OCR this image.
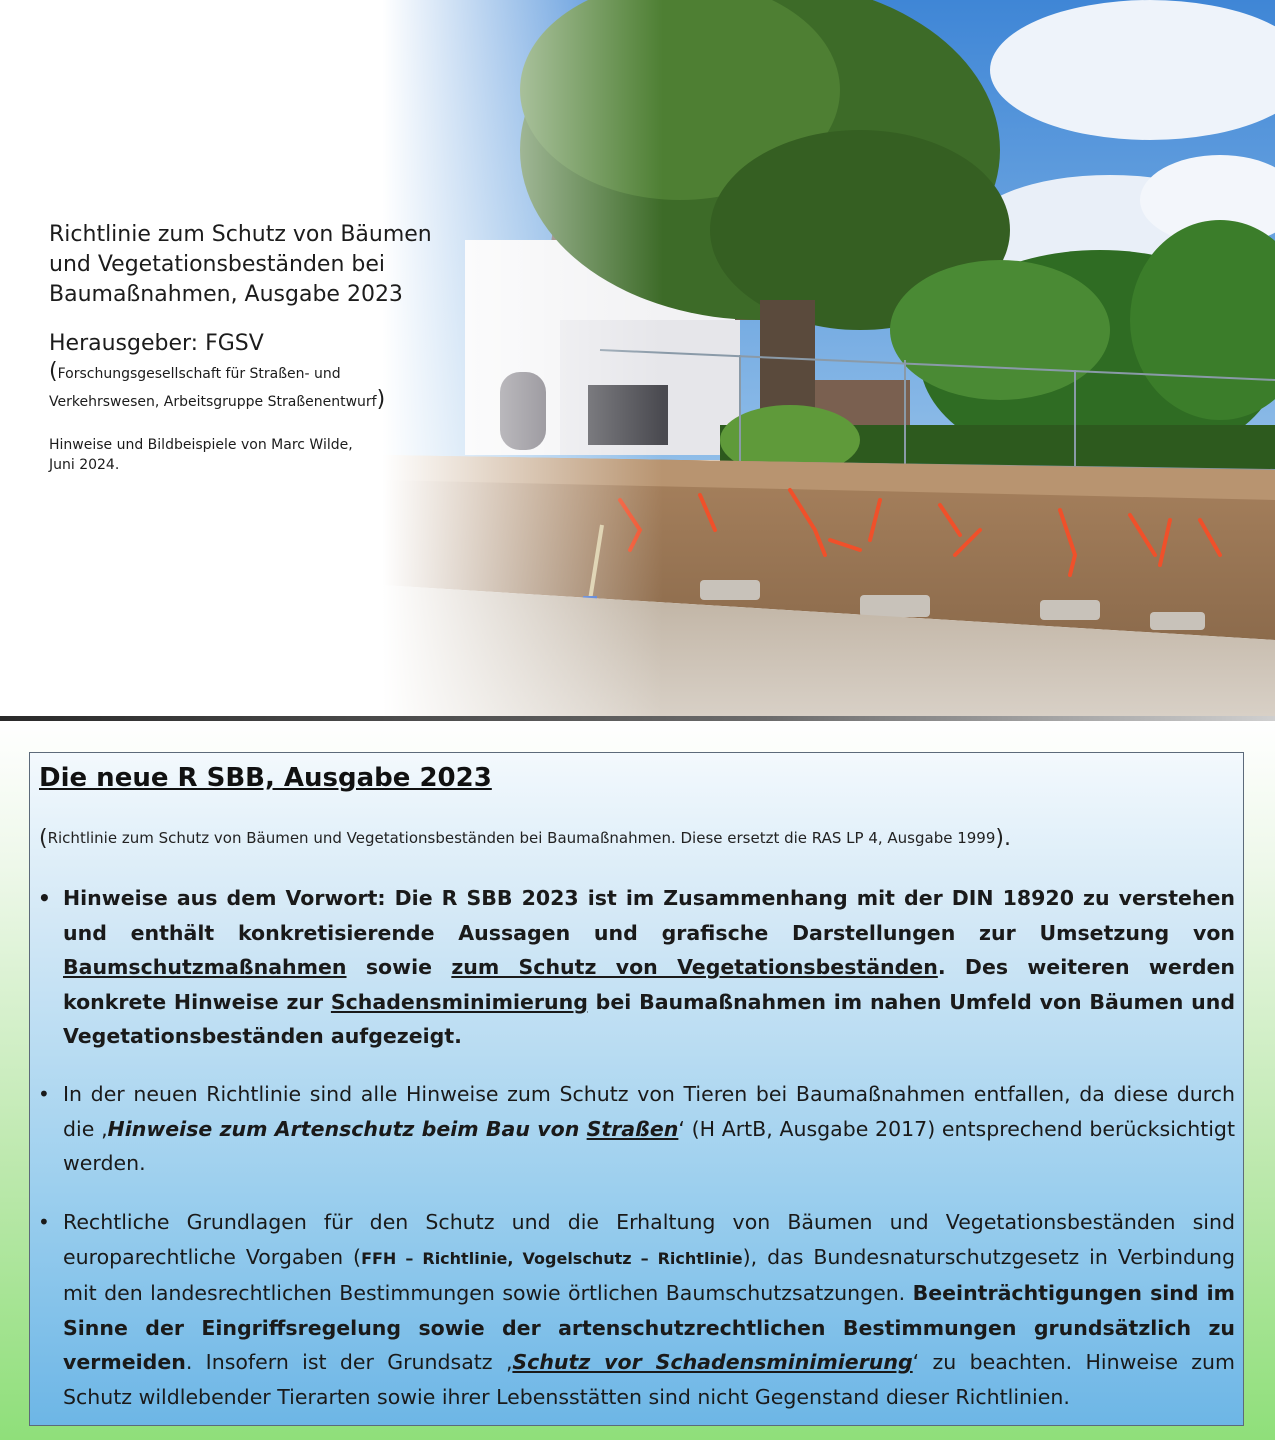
Richtlinie zum Schutz von Bäumen
und Vegetationsbeständen bei
Baumaßnahmen, Ausgabe 2023
Herausgeber: FGSV
(Forschungsgesellschaft für Straßen- und
Verkehrswesen, Arbeitsgruppe Straßenentwurf)
Hinweise und Bildbeispiele von Marc Wilde,
Juni 2024.
Die neue R SBB, Ausgabe 2023
(Richtlinie zum Schutz von Bäumen und Vegetationsbeständen bei Baumaßnahmen. Diese ersetzt die RAS LP 4, Ausgabe 1999).
• Hinweise aus dem Vorwort: Die R SBB 2023 ist im Zusammenhang mit der DIN 18920 zu verstehen und enthält konkretisierende Aussagen und grafische Darstellungen zur Umsetzung von Baumschutzmaßnahmen sowie zum Schutz von Vegetationsbeständen. Des weiteren werden konkrete Hinweise zur Schadensminimierung bei Baumaßnahmen im nahen Umfeld von Bäumen und Vegetationsbeständen aufgezeigt.
• In der neuen Richtlinie sind alle Hinweise zum Schutz von Tieren bei Baumaßnahmen entfallen, da diese durch die ‚Hinweise zum Artenschutz beim Bau von Straßen‘ (H ArtB, Ausgabe 2017) entsprechend berücksichtigt werden.
• Rechtliche Grundlagen für den Schutz und die Erhaltung von Bäumen und Vegetationsbeständen sind europarechtliche Vorgaben (FFH – Richtlinie, Vogelschutz – Richtlinie), das Bundesnaturschutzgesetz in Verbindung mit den landesrechtlichen Bestimmungen sowie örtlichen Baumschutzsatzungen. Beeinträchtigungen sind im Sinne der Eingriffsregelung sowie der artenschutzrechtlichen Bestimmungen grundsätzlich zu vermeiden. Insofern ist der Grundsatz ‚Schutz vor Schadensminimierung‘ zu beachten. Hinweise zum Schutz wildlebender Tierarten sowie ihrer Lebensstätten sind nicht Gegenstand dieser Richtlinien.
